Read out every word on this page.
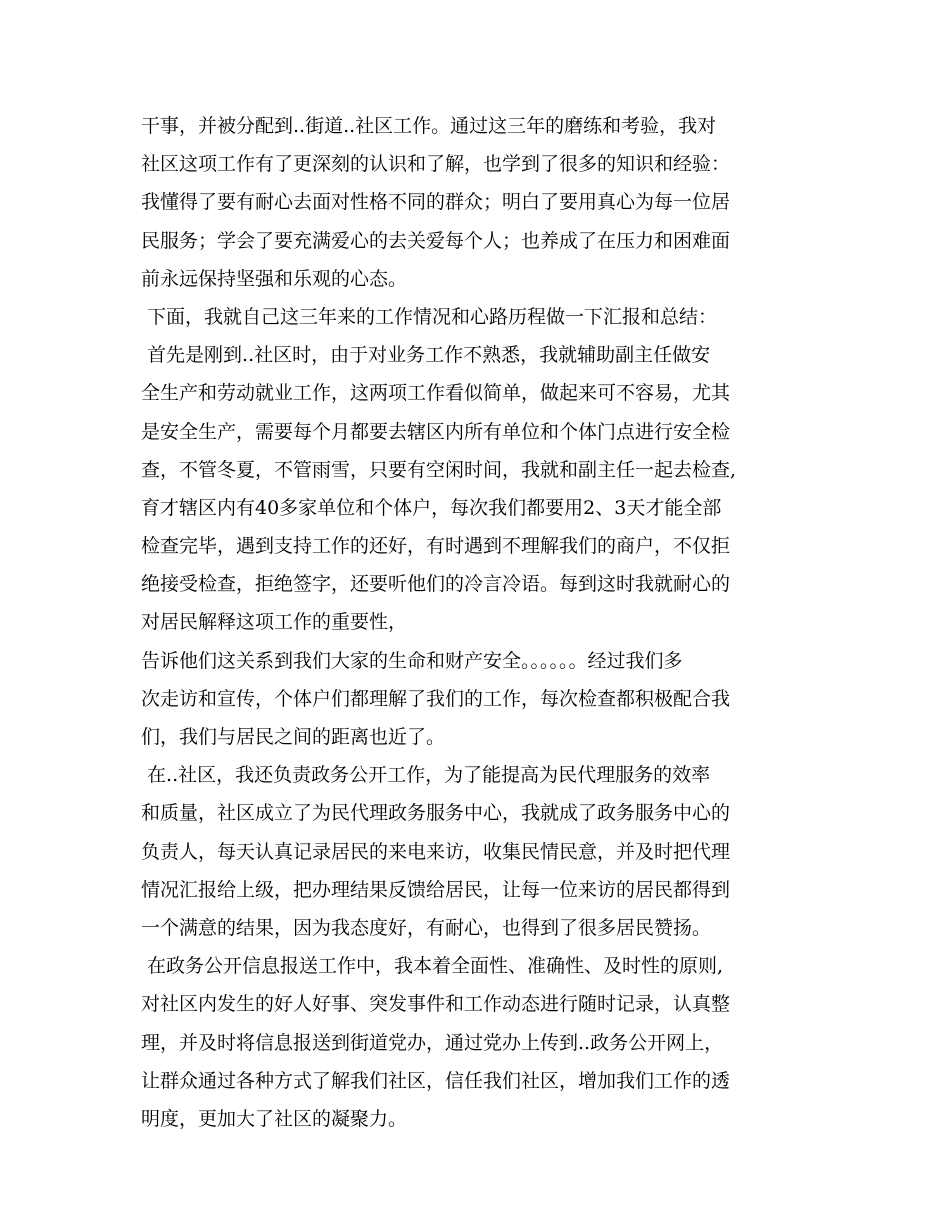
干事，并被分配到..街道..社区工作。通过这三年的磨练和考验，我对
社区这项工作有了更深刻的认识和了解，也学到了很多的知识和经验：
我懂得了要有耐心去面对性格不同的群众；明白了要用真心为每一位居
民服务；学会了要充满爱心的去关爱每个人；也养成了在压力和困难面
前永远保持坚强和乐观的心态。
下面，我就自己这三年来的工作情况和心路历程做一下汇报和总结：
首先是刚到..社区时，由于对业务工作不熟悉，我就辅助副主任做安
全生产和劳动就业工作，这两项工作看似简单，做起来可不容易，尤其
是安全生产，需要每个月都要去辖区内所有单位和个体门点进行安全检
查，不管冬夏，不管雨雪，只要有空闲时间，我就和副主任一起去检查,
育才辖区内有40多家单位和个体户，每次我们都要用2、3天才能全部
检查完毕，遇到支持工作的还好，有时遇到不理解我们的商户，不仅拒
绝接受检查，拒绝签字，还要听他们的冷言冷语。每到这时我就耐心的
对居民解释这项工作的重要性，
告诉他们这关系到我们大家的生命和财产安全。。。。。。经过我们多
次走访和宣传，个体户们都理解了我们的工作，每次检查都积极配合我
们，我们与居民之间的距离也近了。
在..社区，我还负责政务公开工作，为了能提高为民代理服务的效率
和质量，社区成立了为民代理政务服务中心，我就成了政务服务中心的
负责人，每天认真记录居民的来电来访，收集民情民意，并及时把代理
情况汇报给上级，把办理结果反馈给居民，让每一位来访的居民都得到
一个满意的结果，因为我态度好，有耐心，也得到了很多居民赞扬。
在政务公开信息报送工作中，我本着全面性、准确性、及时性的原则,
对社区内发生的好人好事、突发事件和工作动态进行随时记录，认真整
理，并及时将信息报送到街道党办，通过党办上传到..政务公开网上，
让群众通过各种方式了解我们社区，信任我们社区，增加我们工作的透
明度，更加大了社区的凝聚力。
